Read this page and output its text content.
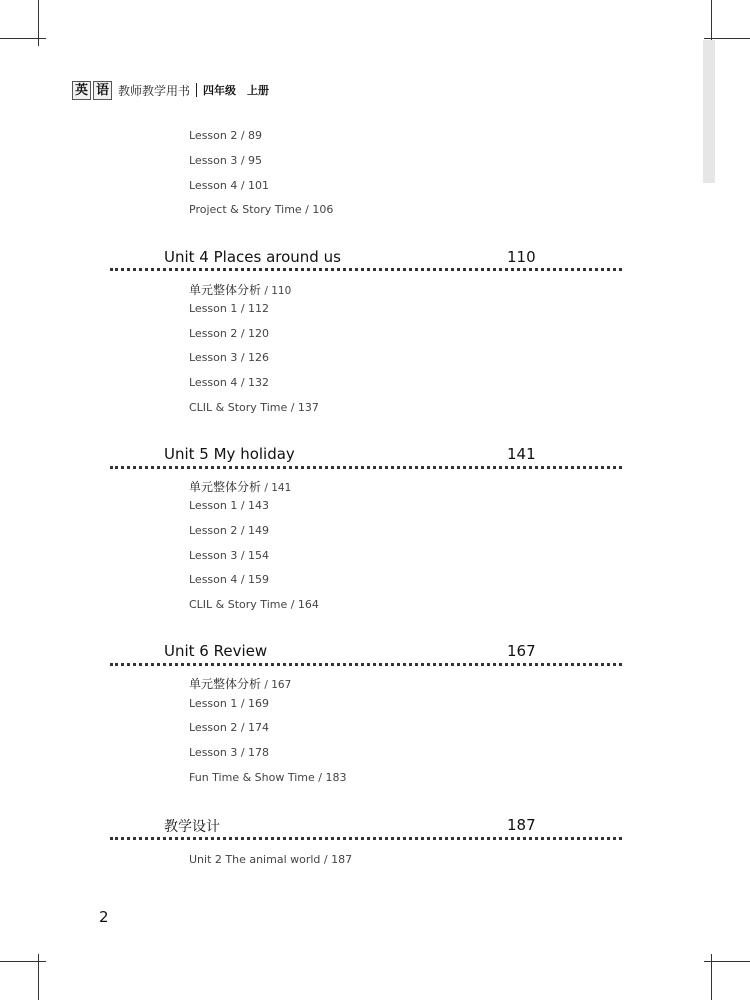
英 语 教师教学用书 四年级　上册
Lesson 2 / 89
Lesson 3 / 95
Lesson 4 / 101
Project & Story Time / 106
Unit 4 Places around us	110
单元整体分析 / 110
Lesson 1 / 112
Lesson 2 / 120
Lesson 3 / 126
Lesson 4 / 132
CLIL & Story Time / 137
Unit 5 My holiday	141
单元整体分析 / 141
Lesson 1 / 143
Lesson 2 / 149
Lesson 3 / 154
Lesson 4 / 159
CLIL & Story Time / 164
Unit 6 Review	167
单元整体分析 / 167
Lesson 1 / 169
Lesson 2 / 174
Lesson 3 / 178
Fun Time & Show Time / 183
教学设计	187
Unit 2 The animal world / 187
2
